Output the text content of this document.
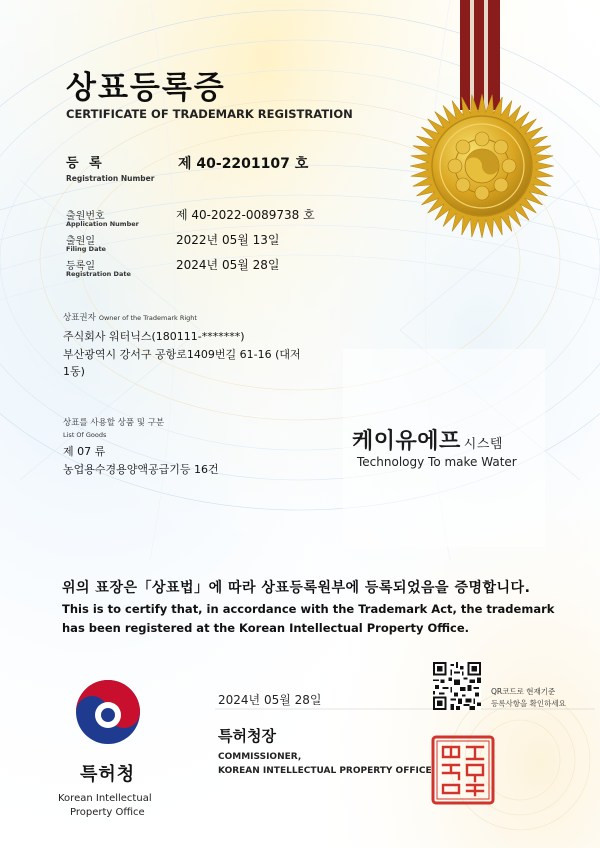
상표등록증
CERTIFICATE OF TRADEMARK REGISTRATION
등 록
Registration Number
제 40-2201107 호
출원번호
Application Number
제 40-2022-0089738 호
출원일
Filing Date
2022년 05월 13일
등록일
Registration Date
2024년 05월 28일
상표권자 Owner of the Trademark Right
주식회사 워터닉스(180111-*******)
부산광역시 강서구 공항로1409번길 61-16 (대저
1동)
상표를 사용할 상품 및 구분
List Of Goods
제 07 류
농업용수경용양액공급기등 16건
케이유에프 시스템
Technology To make Water
위의 표장은「상표법」에 따라 상표등록원부에 등록되었음을 증명합니다.
This is to certify that, in accordance with the Trademark Act, the trademark
has been registered at the Korean Intellectual Property Office.
2024년 05월 28일
특허청장
COMMISSIONER,
KOREAN INTELLECTUAL PROPERTY OFFICE
QR코드로 현재기준
등록사항을 확인하세요
특허청
Korean Intellectual
Property Office
